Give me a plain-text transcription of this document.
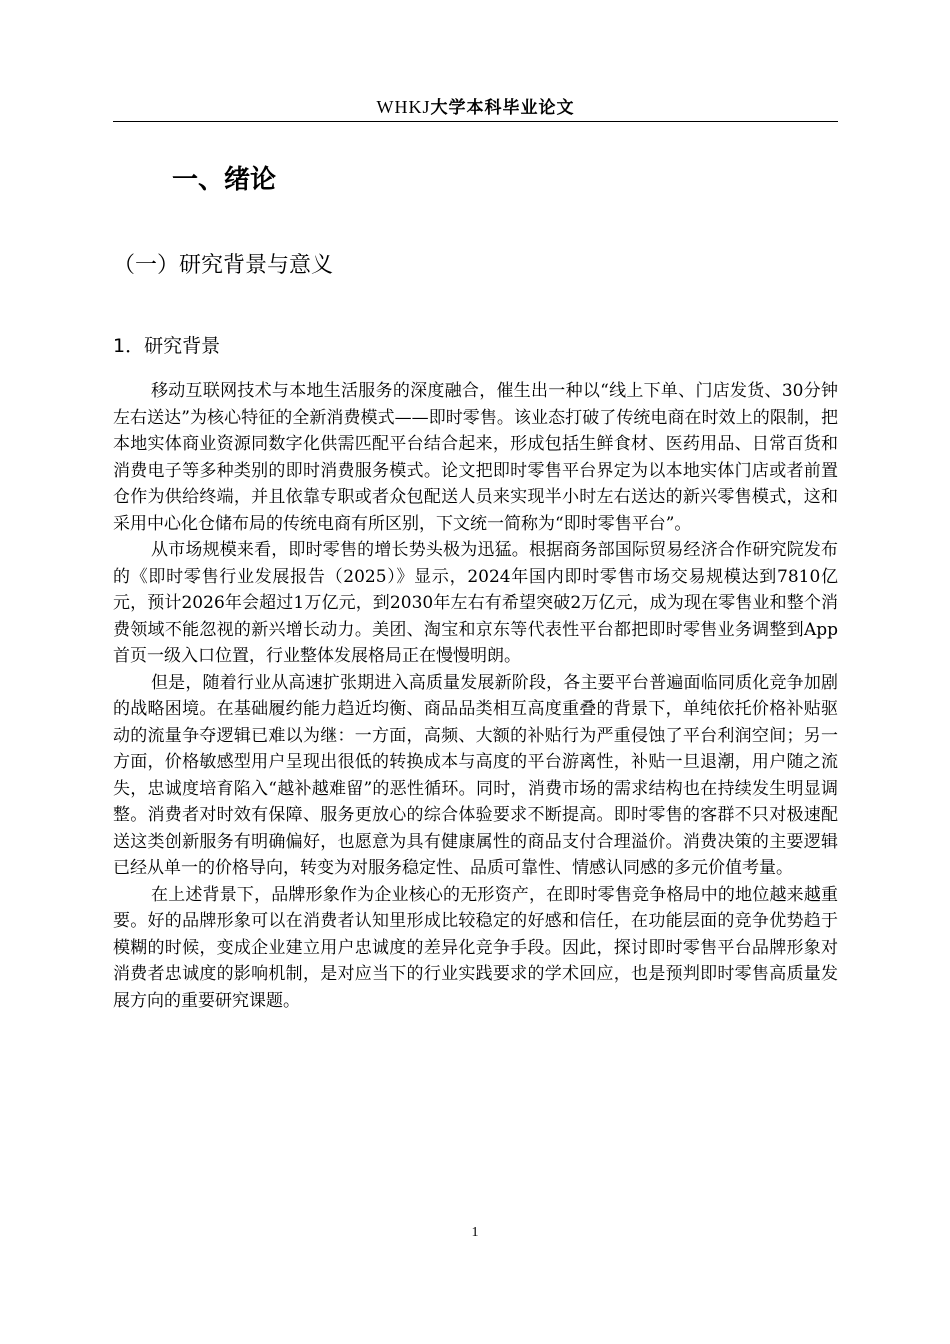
WHKJ大学本科毕业论文
一、绪论
（一）研究背景与意义
1．研究背景

移动互联网技术与本地生活服务的深度融合，催生出一种以“线上下单、门店发货、30分钟左右送达”为核心特征的全新消费模式——即时零售。该业态打破了传统电商在时效上的限制，把本地实体商业资源同数字化供需匹配平台结合起来，形成包括生鲜食材、医药用品、日常百货和消费电子等多种类别的即时消费服务模式。论文把即时零售平台界定为以本地实体门店或者前置仓作为供给终端，并且依靠专职或者众包配送人员来实现半小时左右送达的新兴零售模式，这和采用中心化仓储布局的传统电商有所区别，下文统一简称为“即时零售平台”。

从市场规模来看，即时零售的增长势头极为迅猛。根据商务部国际贸易经济合作研究院发布的《即时零售行业发展报告（2025）》显示，2024年国内即时零售市场交易规模达到7810亿元，预计2026年会超过1万亿元，到2030年左右有希望突破2万亿元，成为现在零售业和整个消费领域不能忽视的新兴增长动力。美团、淘宝和京东等代表性平台都把即时零售业务调整到App首页一级入口位置，行业整体发展格局正在慢慢明朗。

但是，随着行业从高速扩张期进入高质量发展新阶段，各主要平台普遍面临同质化竞争加剧的战略困境。在基础履约能力趋近均衡、商品品类相互高度重叠的背景下，单纯依托价格补贴驱动的流量争夺逻辑已难以为继：一方面，高频、大额的补贴行为严重侵蚀了平台利润空间；另一方面，价格敏感型用户呈现出很低的转换成本与高度的平台游离性，补贴一旦退潮，用户随之流失，忠诚度培育陷入“越补越难留”的恶性循环。同时，消费市场的需求结构也在持续发生明显调整。消费者对时效有保障、服务更放心的综合体验要求不断提高。即时零售的客群不只对极速配送这类创新服务有明确偏好，也愿意为具有健康属性的商品支付合理溢价。消费决策的主要逻辑已经从单一的价格导向，转变为对服务稳定性、品质可靠性、情感认同感的多元价值考量。

在上述背景下，品牌形象作为企业核心的无形资产，在即时零售竞争格局中的地位越来越重要。好的品牌形象可以在消费者认知里形成比较稳定的好感和信任，在功能层面的竞争优势趋于模糊的时候，变成企业建立用户忠诚度的差异化竞争手段。因此，探讨即时零售平台品牌形象对消费者忠诚度的影响机制，是对应当下的行业实践要求的学术回应，也是预判即时零售高质量发展方向的重要研究课题。

1
